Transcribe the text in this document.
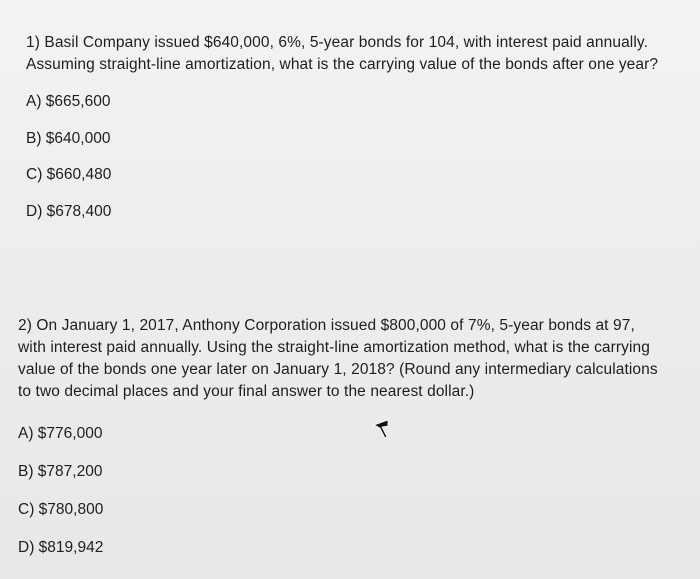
1) Basil Company issued $640,000, 6%, 5-year bonds for 104, with interest paid annually.
Assuming straight-line amortization, what is the carrying value of the bonds after one year?

A) $665,600
B) $640,000
C) $660,480
D) $678,400

2) On January 1, 2017, Anthony Corporation issued $800,000 of 7%, 5-year bonds at 97,
with interest paid annually. Using the straight-line amortization method, what is the carrying
value of the bonds one year later on January 1, 2018? (Round any intermediary calculations
to two decimal places and your final answer to the nearest dollar.)

A) $776,000
B) $787,200
C) $780,800
D) $819,942
